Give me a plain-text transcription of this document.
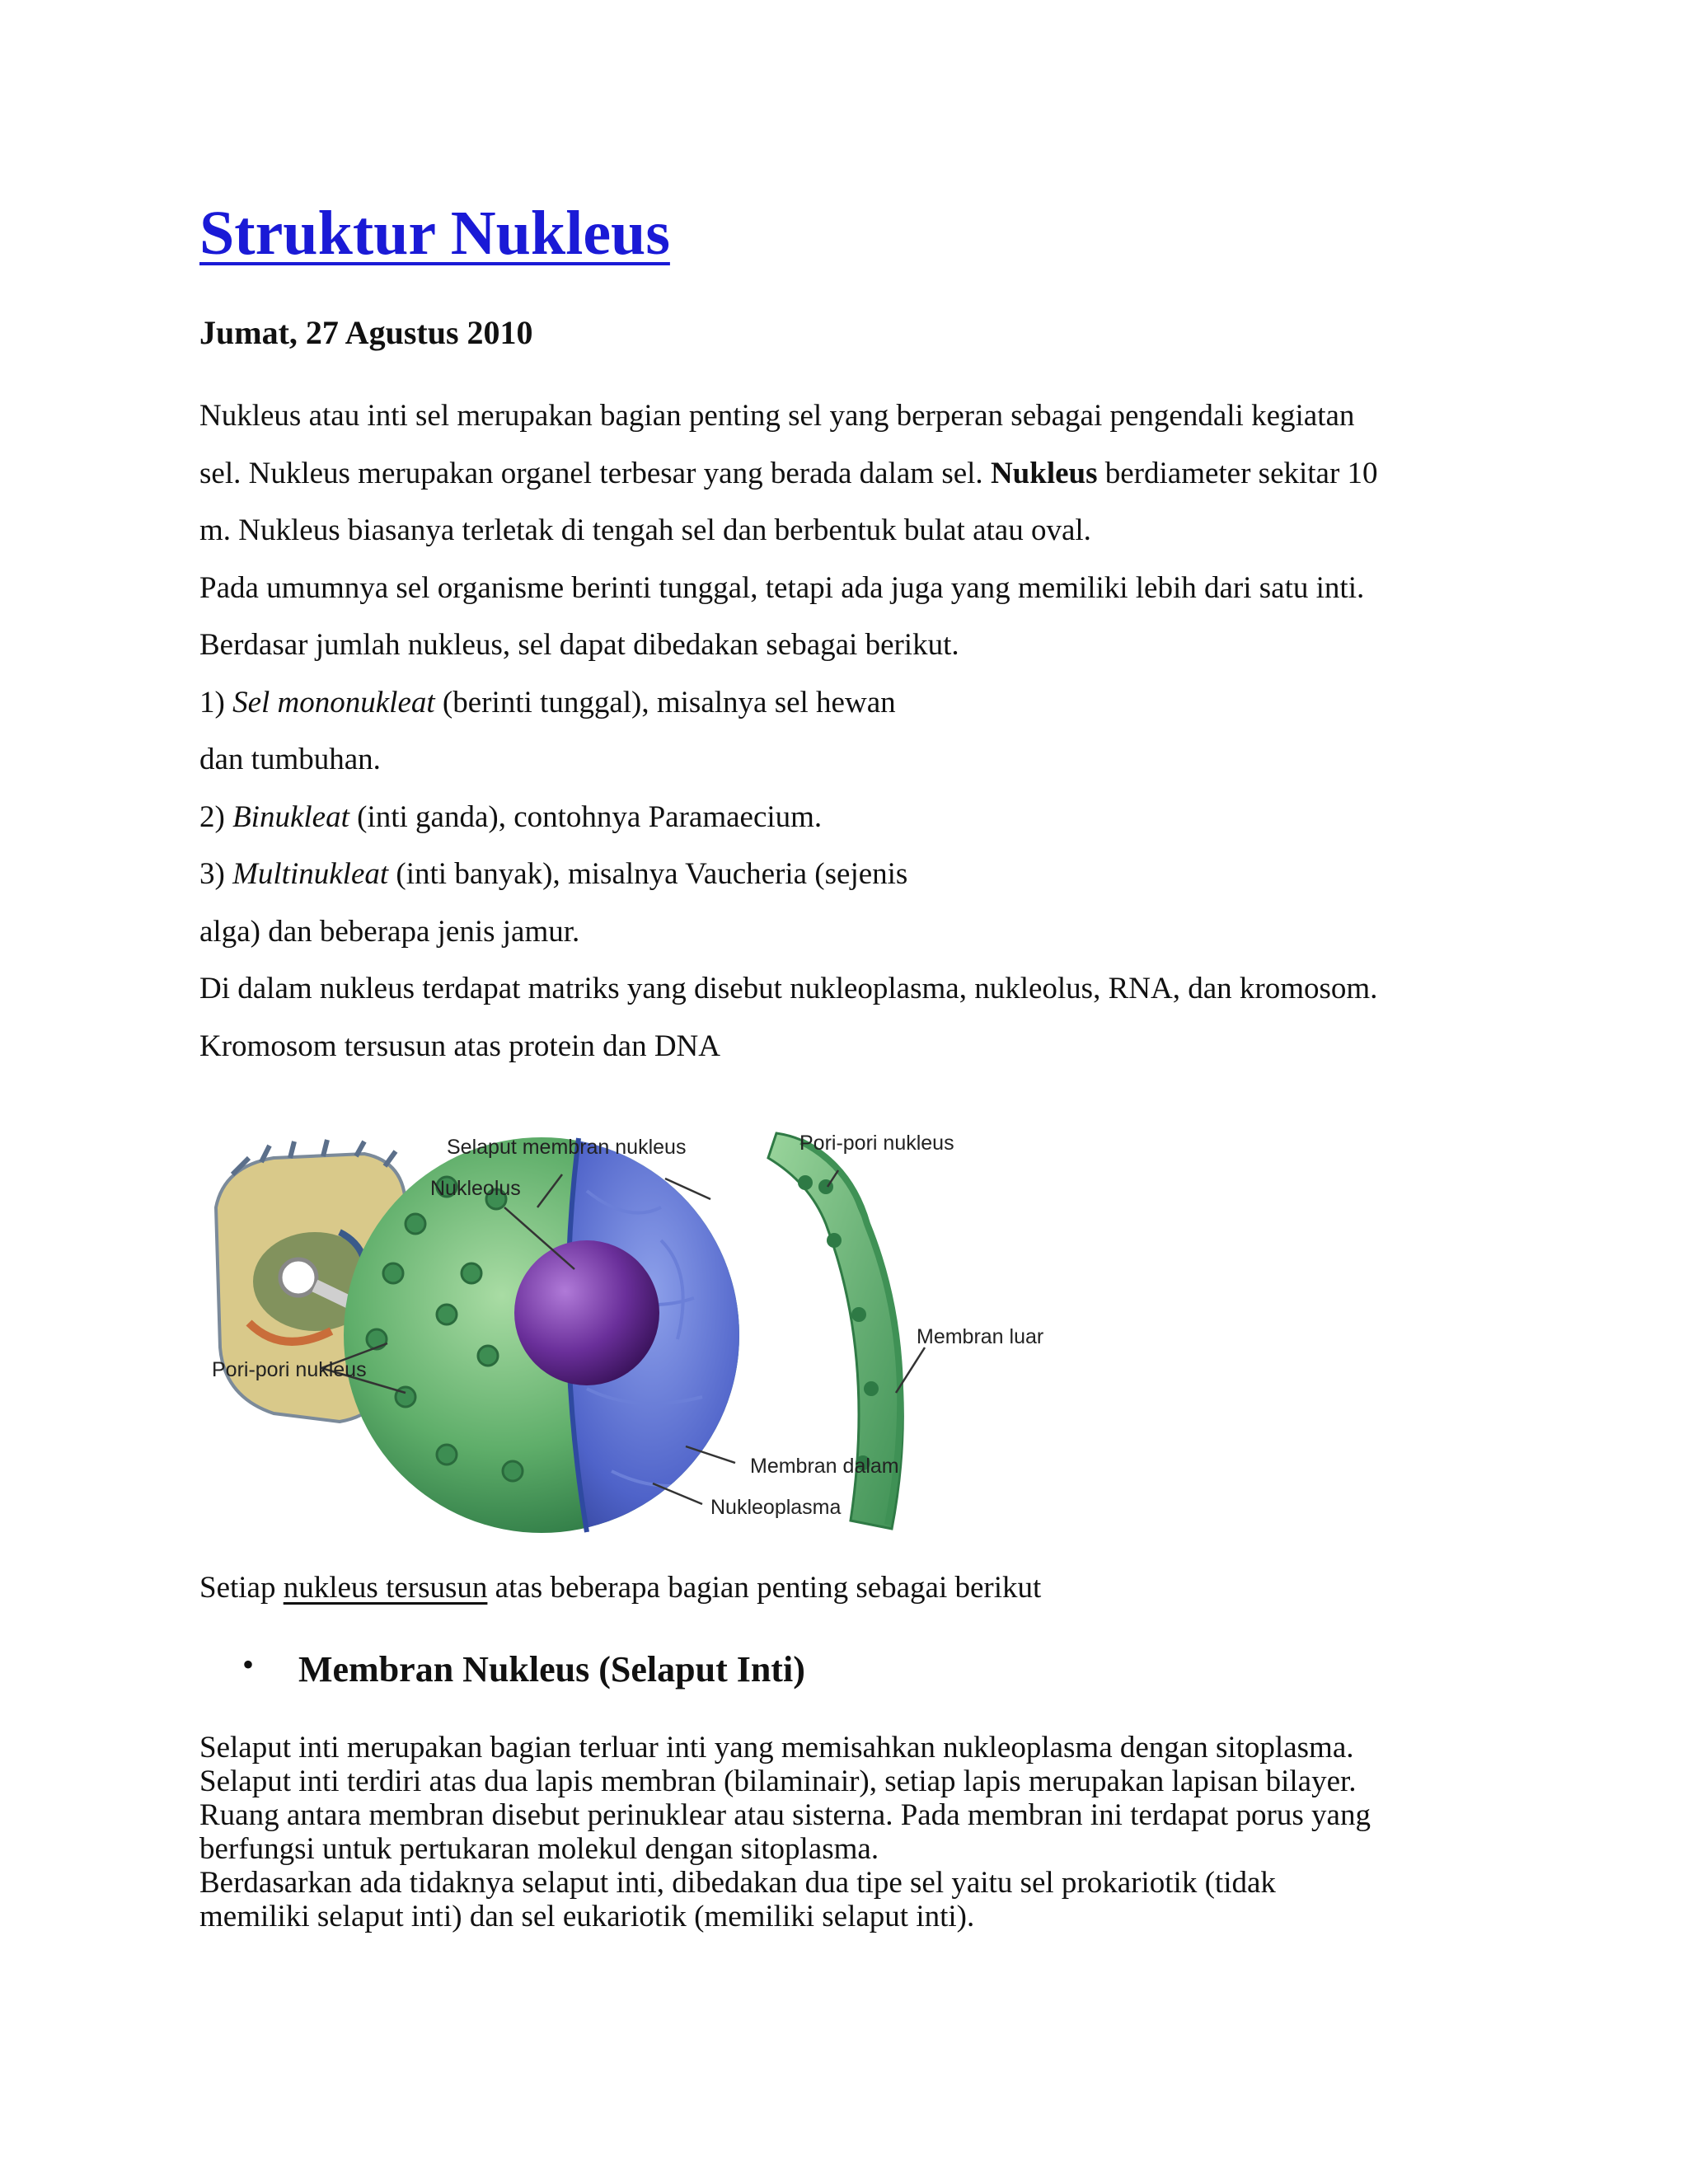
Struktur Nukleus
Jumat, 27 Agustus 2010
Nukleus atau inti sel merupakan bagian penting sel yang berperan sebagai pengendali kegiatan
sel. Nukleus merupakan organel terbesar yang berada dalam sel. Nukleus berdiameter sekitar 10
m. Nukleus biasanya terletak di tengah sel dan berbentuk bulat atau oval.
Pada umumnya sel organisme berinti tunggal, tetapi ada juga yang memiliki lebih dari satu inti.
Berdasar jumlah nukleus, sel dapat dibedakan sebagai berikut.
1) Sel mononukleat (berinti tunggal), misalnya sel hewan
dan tumbuhan.
2) Binukleat (inti ganda), contohnya Paramaecium.
3) Multinukleat (inti banyak), misalnya Vaucheria (sejenis
alga) dan beberapa jenis jamur.
Di dalam nukleus terdapat matriks yang disebut nukleoplasma, nukleolus, RNA, dan kromosom.
Kromosom tersusun atas protein dan DNA
Selaput membran nukleus
Nukleolus
Pori-pori nukleus
Pori-pori nukleus
Membran luar
Membran dalam
Nukleoplasma
Setiap nukleus tersusun atas beberapa bagian penting sebagai berikut
• Membran Nukleus (Selaput Inti)
Selaput inti merupakan bagian terluar inti yang memisahkan nukleoplasma dengan sitoplasma.
Selaput inti terdiri atas dua lapis membran (bilaminair), setiap lapis merupakan lapisan bilayer.
Ruang antara membran disebut perinuklear atau sisterna. Pada membran ini terdapat porus yang
berfungsi untuk pertukaran molekul dengan sitoplasma.
Berdasarkan ada tidaknya selaput inti, dibedakan dua tipe sel yaitu sel prokariotik (tidak
memiliki selaput inti) dan sel eukariotik (memiliki selaput inti).
